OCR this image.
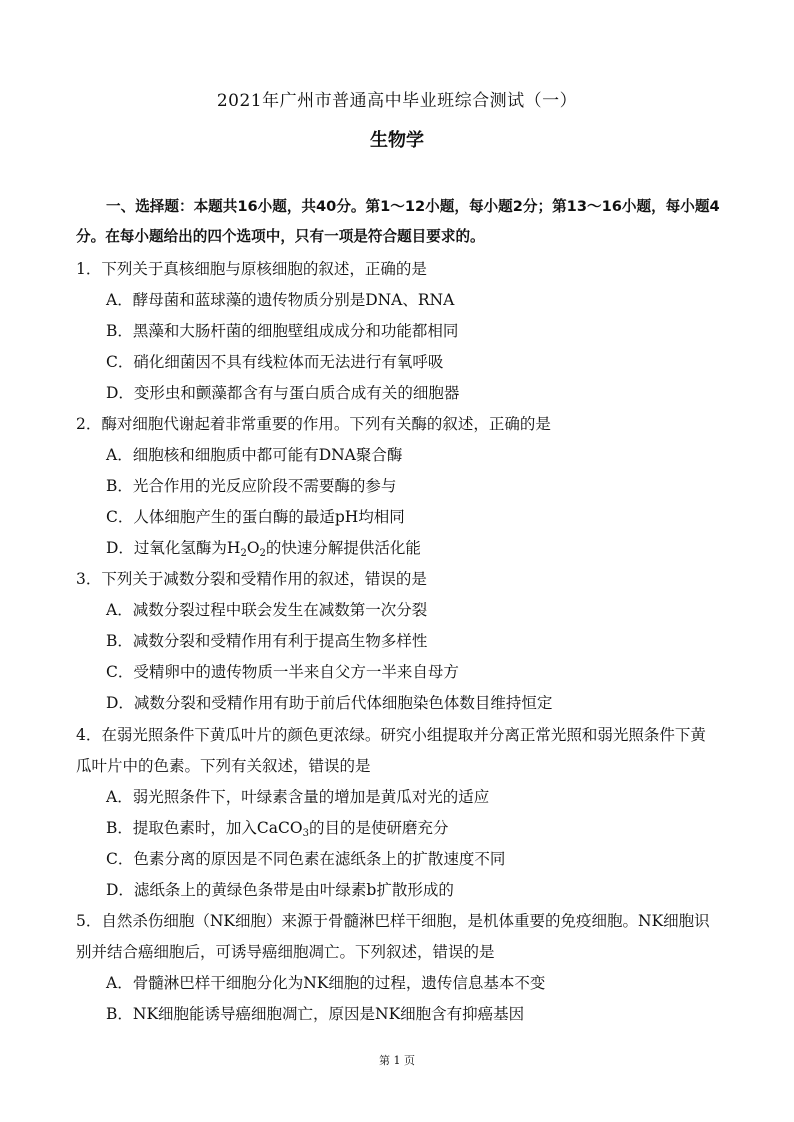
2021年广州市普通高中毕业班综合测试（一）
生物学
一、选择题：本题共16小题，共40分。第1～12小题，每小题2分；第13～16小题，每小题4分。在每小题给出的四个选项中，只有一项是符合题目要求的。
1．下列关于真核细胞与原核细胞的叙述，正确的是
A．酵母菌和蓝球藻的遗传物质分别是DNA、RNA
B．黑藻和大肠杆菌的细胞壁组成成分和功能都相同
C．硝化细菌因不具有线粒体而无法进行有氧呼吸
D．变形虫和颤藻都含有与蛋白质合成有关的细胞器
2．酶对细胞代谢起着非常重要的作用。下列有关酶的叙述，正确的是
A．细胞核和细胞质中都可能有DNA聚合酶
B．光合作用的光反应阶段不需要酶的参与
C．人体细胞产生的蛋白酶的最适pH均相同
D．过氧化氢酶为$H_2O_2$的快速分解提供活化能
3．下列关于减数分裂和受精作用的叙述，错误的是
A．减数分裂过程中联会发生在减数第一次分裂
B．减数分裂和受精作用有利于提高生物多样性
C．受精卵中的遗传物质一半来自父方一半来自母方
D．减数分裂和受精作用有助于前后代体细胞染色体数目维持恒定
4．在弱光照条件下黄瓜叶片的颜色更浓绿。研究小组提取并分离正常光照和弱光照条件下黄
瓜叶片中的色素。下列有关叙述，错误的是
A．弱光照条件下，叶绿素含量的增加是黄瓜对光的适应
B．提取色素时，加入CaCO$_3$的目的是使研磨充分
C．色素分离的原因是不同色素在滤纸条上的扩散速度不同
D．滤纸条上的黄绿色条带是由叶绿素b扩散形成的
5．自然杀伤细胞（NK细胞）来源于骨髓淋巴样干细胞，是机体重要的免疫细胞。NK细胞识
别并结合癌细胞后，可诱导癌细胞凋亡。下列叙述，错误的是
A．骨髓淋巴样干细胞分化为NK细胞的过程，遗传信息基本不变
B．NK细胞能诱导癌细胞凋亡，原因是NK细胞含有抑癌基因
第 1 页
